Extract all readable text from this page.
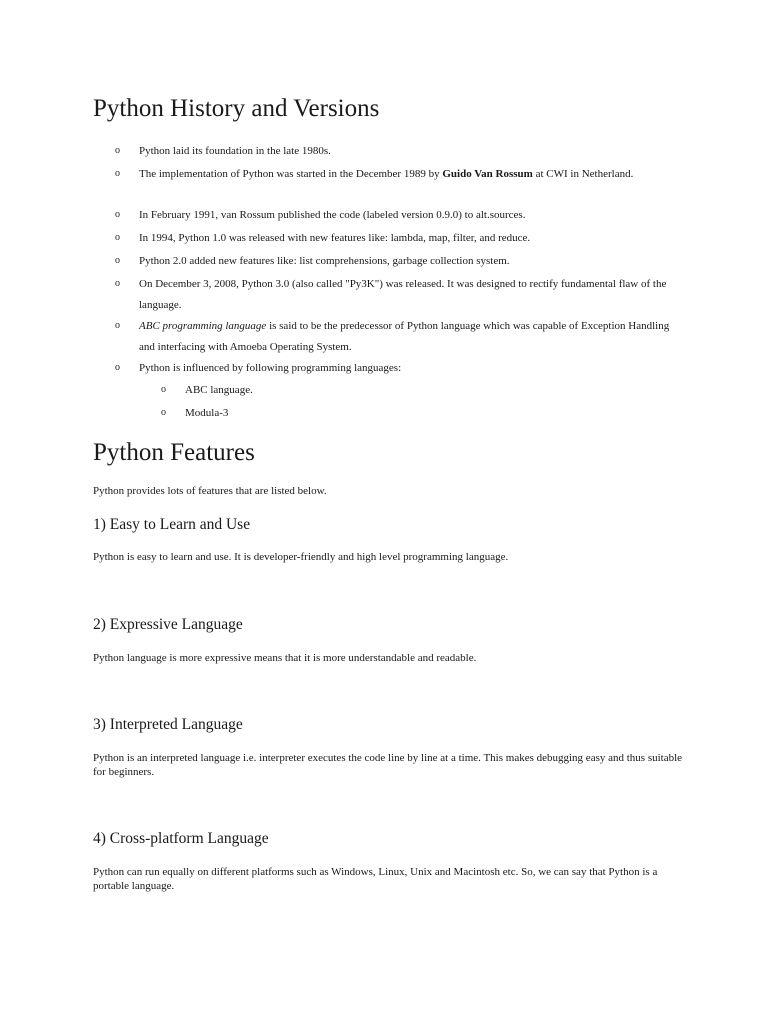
Python History and Versions
o Python laid its foundation in the late 1980s.
o The implementation of Python was started in the December 1989 by Guido Van Rossum at CWI in Netherland.
o In February 1991, van Rossum published the code (labeled version 0.9.0) to alt.sources.
o In 1994, Python 1.0 was released with new features like: lambda, map, filter, and reduce.
o Python 2.0 added new features like: list comprehensions, garbage collection system.
o On December 3, 2008, Python 3.0 (also called "Py3K") was released. It was designed to rectify fundamental flaw of the language.
o ABC programming language is said to be the predecessor of Python language which was capable of Exception Handling and interfacing with Amoeba Operating System.
o Python is influenced by following programming languages:
o ABC language.
o Modula-3
Python Features

Python provides lots of features that are listed below.

1) Easy to Learn and Use

Python is easy to learn and use. It is developer-friendly and high level programming language.

2) Expressive Language

Python language is more expressive means that it is more understandable and readable.

3) Interpreted Language

Python is an interpreted language i.e. interpreter executes the code line by line at a time. This makes debugging easy and thus suitable for beginners.

4) Cross-platform Language

Python can run equally on different platforms such as Windows, Linux, Unix and Macintosh etc. So, we can say that Python is a portable language.
